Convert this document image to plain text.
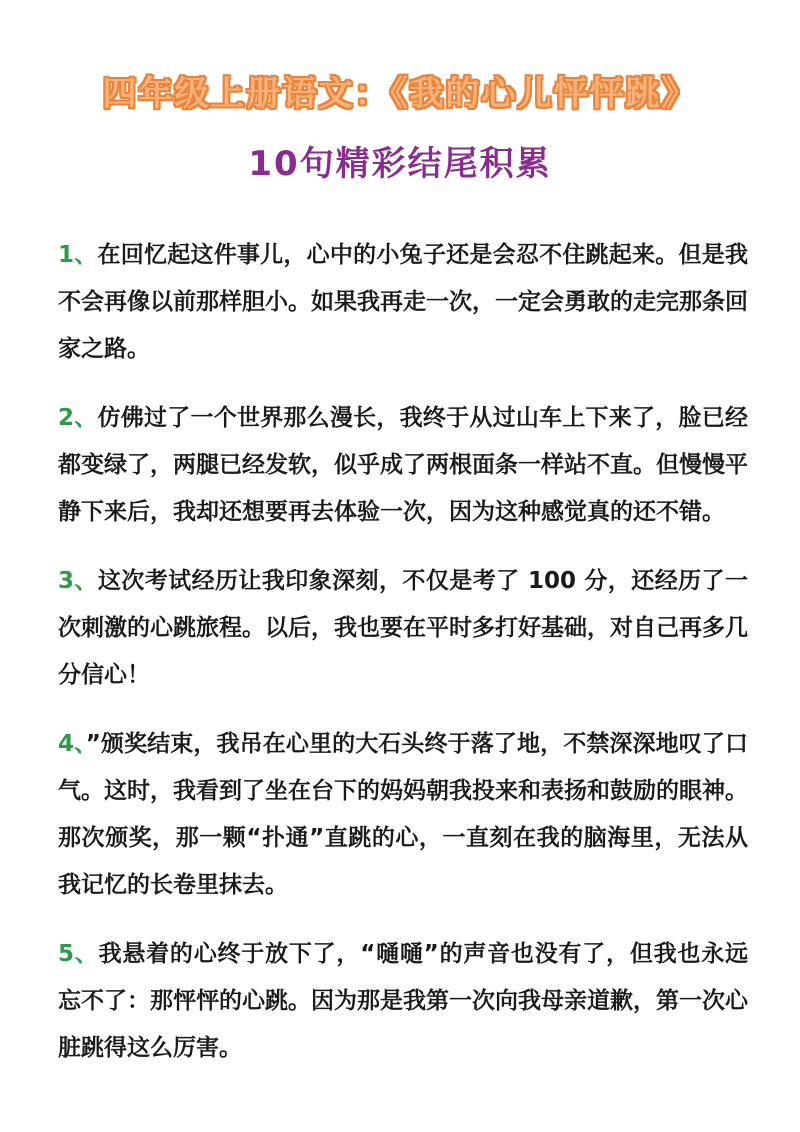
四年级上册语文：《我的心儿怦怦跳》
10句精彩结尾积累

1、在回忆起这件事儿，心中的小兔子还是会忍不住跳起来。但是我不会再像以前那样胆小。如果我再走一次，一定会勇敢的走完那条回家之路。

2、仿佛过了一个世界那么漫长，我终于从过山车上下来了，脸已经都变绿了，两腿已经发软，似乎成了两根面条一样站不直。但慢慢平静下来后，我却还想要再去体验一次，因为这种感觉真的还不错。

3、这次考试经历让我印象深刻，不仅是考了 100 分，还经历了一次刺激的心跳旅程。以后，我也要在平时多打好基础，对自己再多几分信心！

4、”颁奖结束，我吊在心里的大石头终于落了地，不禁深深地叹了口气。这时，我看到了坐在台下的妈妈朝我投来和表扬和鼓励的眼神。那次颁奖，那一颗“扑通”直跳的心，一直刻在我的脑海里，无法从我记忆的长卷里抹去。

5、我悬着的心终于放下了，“嗵嗵”的声音也没有了，但我也永远忘不了：那怦怦的心跳。因为那是我第一次向我母亲道歉，第一次心脏跳得这么厉害。
